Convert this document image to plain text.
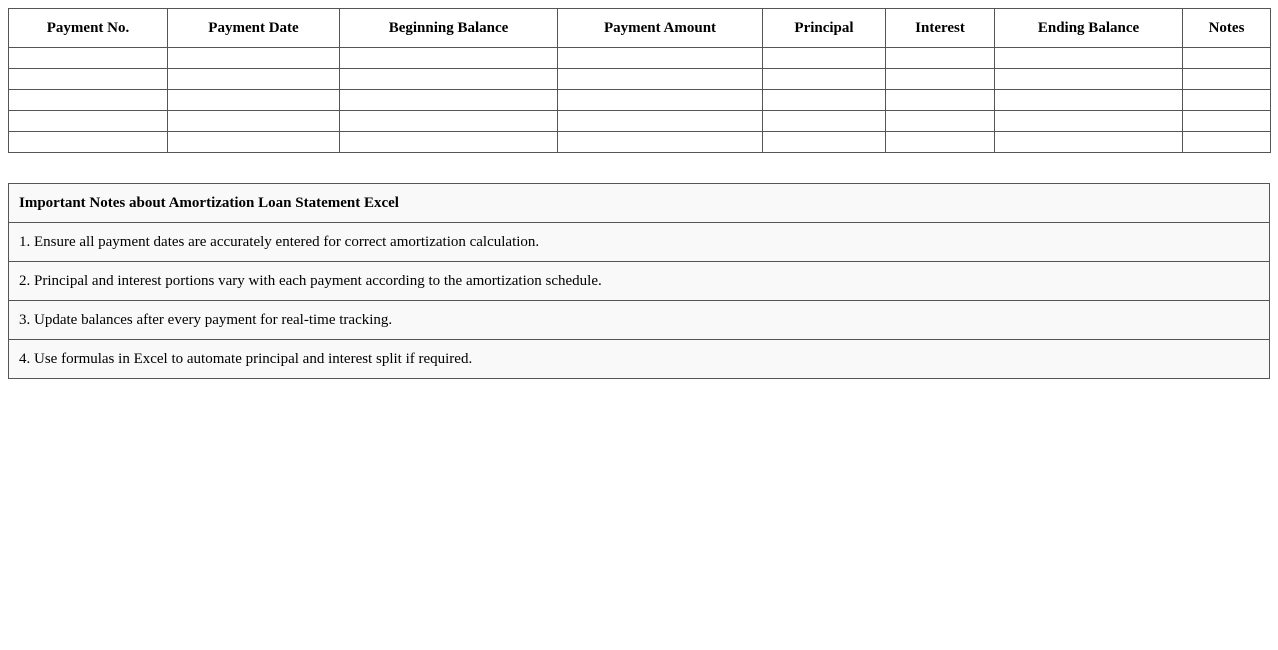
Payment No.	Payment Date	Beginning Balance	Payment Amount	Principal	Interest	Ending Balance	Notes

Important Notes about Amortization Loan Statement Excel
1. Ensure all payment dates are accurately entered for correct amortization calculation.
2. Principal and interest portions vary with each payment according to the amortization schedule.
3. Update balances after every payment for real-time tracking.
4. Use formulas in Excel to automate principal and interest split if required.
